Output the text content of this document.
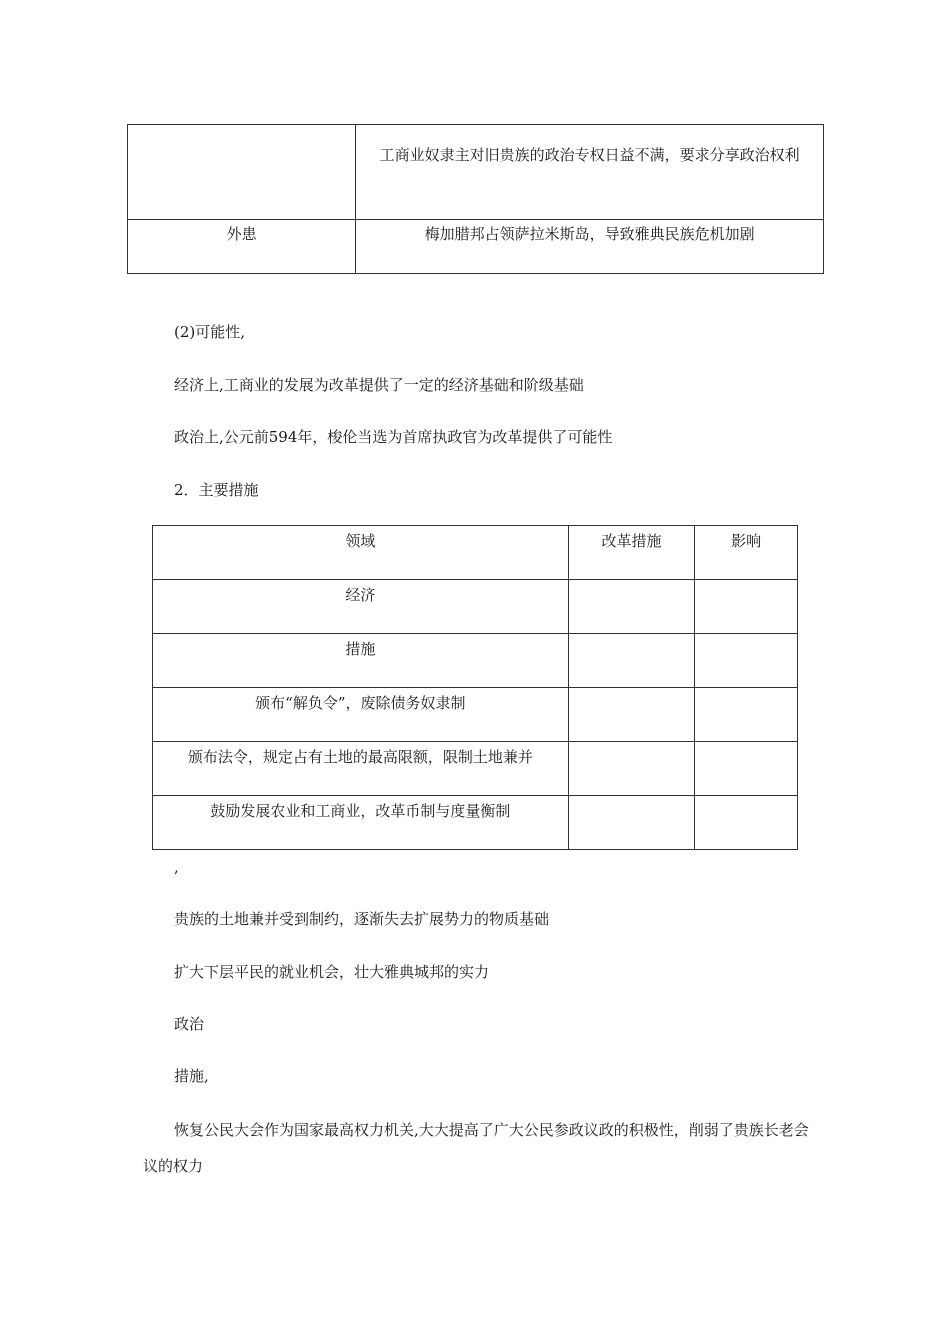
	工商业奴隶主对旧贵族的政治专权日益不满，要求分享政治权利

外患	梅加腊邦占领萨拉米斯岛，导致雅典民族危机加剧
(2)可能性,
经济上,工商业的发展为改革提供了一定的经济基础和阶级基础
政治上,公元前594年，梭伦当选为首席执政官为改革提供了可能性
2．主要措施
领域	改革措施	影响

经济		

措施		

颁布“解负令”，废除债务奴隶制		

颁布法令，规定占有土地的最高限额，限制土地兼并		

鼓励发展农业和工商业，改革币制与度量衡制		

,
贵族的土地兼并受到制约，逐渐失去扩展势力的物质基础
扩大下层平民的就业机会，壮大雅典城邦的实力
政治
措施,
恢复公民大会作为国家最高权力机关,大大提高了广大公民参政议政的积极性，削弱了贵族长老会议的权力
